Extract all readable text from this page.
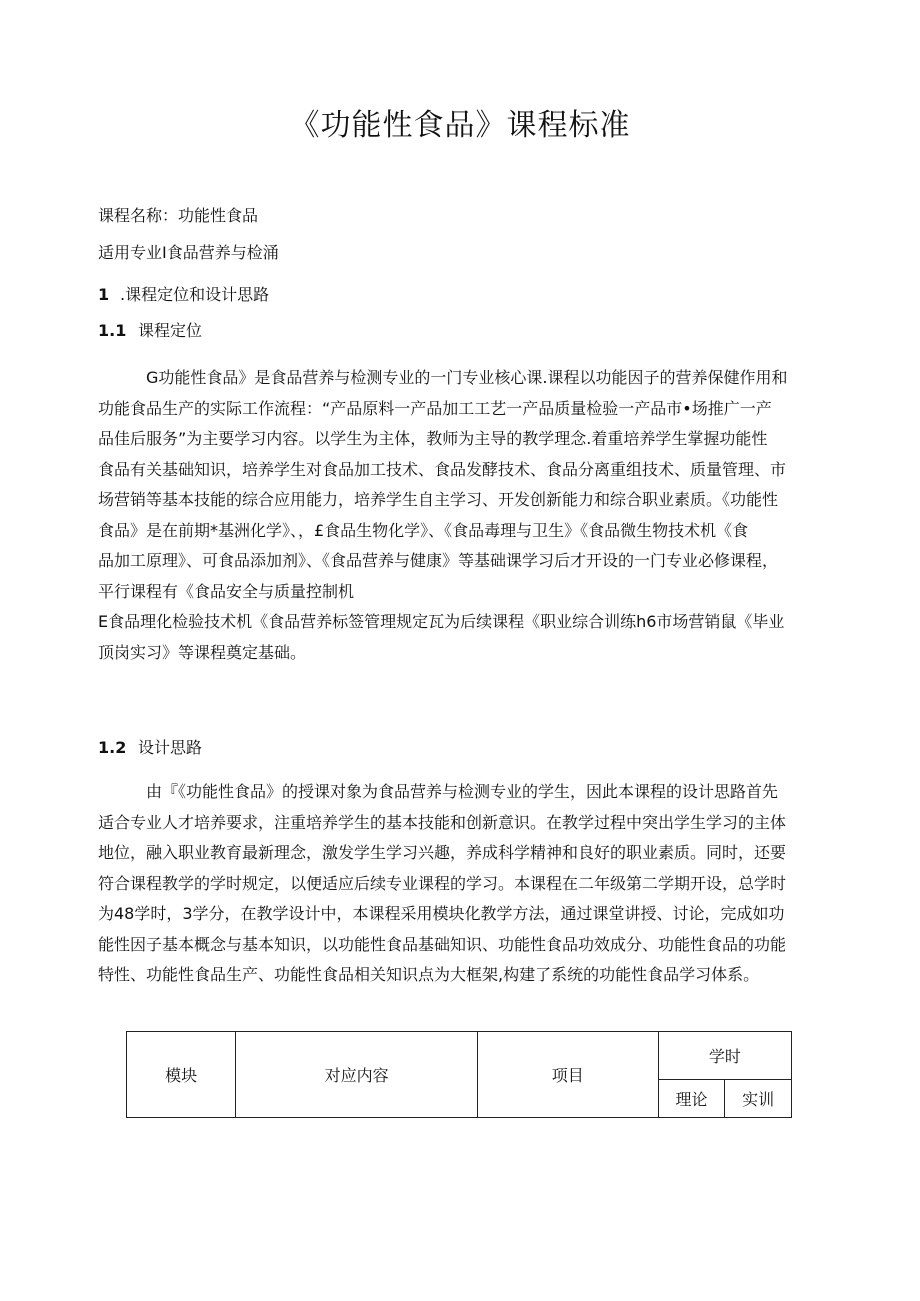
《功能性食品》课程标准
课程名称：功能性食品
适用专业I食品营养与检涌
1 .课程定位和设计思路
1.1 课程定位
G功能性食品》是食品营养与检测专业的一门专业核心课.课程以功能因子的营养保健作用和
功能食品生产的实际工作流程：“产品原料一产品加工工艺一产品质量检验一产品市•场推广一产
品佳后服务”为主要学习内容。以学生为主体，教师为主导的教学理念.着重培养学生掌握功能性
食品有关基础知识，培养学生对食品加工技术、食品发酵技术、食品分离重组技术、质量管理、市
场营销等基本技能的综合应用能力，培养学生自主学习、开发创新能力和综合职业素质。《功能性
食品》是在前期*基洲化学》、，£食品生物化学》、《食品毒理与卫生》《食品微生物技术机《食
品加工原理》、可食品添加剂》、《食品营养与健康》等基础课学习后才开设的一门专业必修课程，
平行课程有《食品安全与质量控制机
E食品理化检验技术机《食品营养标签管理规定瓦为后续课程《职业综合训练h6市场营销鼠《毕业
顶岗实习》等课程奠定基础。
1.2 设计思路
由『《功能性食品》的授课对象为食品营养与检测专业的学生，因此本课程的设计思路首先
适合专业人才培养要求，注重培养学生的基本技能和创新意识。在教学过程中突出学生学习的主体
地位，融入职业教育最新理念，激发学生学习兴趣，养成科学精神和良好的职业素质。同时，还要
符合课程教学的学时规定，以便适应后续专业课程的学习。本课程在二年级第二学期开设，总学时
为48学时，3学分，在教学设计中，本课程采用模块化教学方法，通过课堂讲授、讨论，完成如功
能性因子基本概念与基本知识，以功能性食品基础知识、功能性食品功效成分、功能性食品的功能
特性、功能性食品生产、功能性食品相关知识点为大框架,构建了系统的功能性食品学习体系。
模块	对应内容	项目	学时	
			理论	实训
